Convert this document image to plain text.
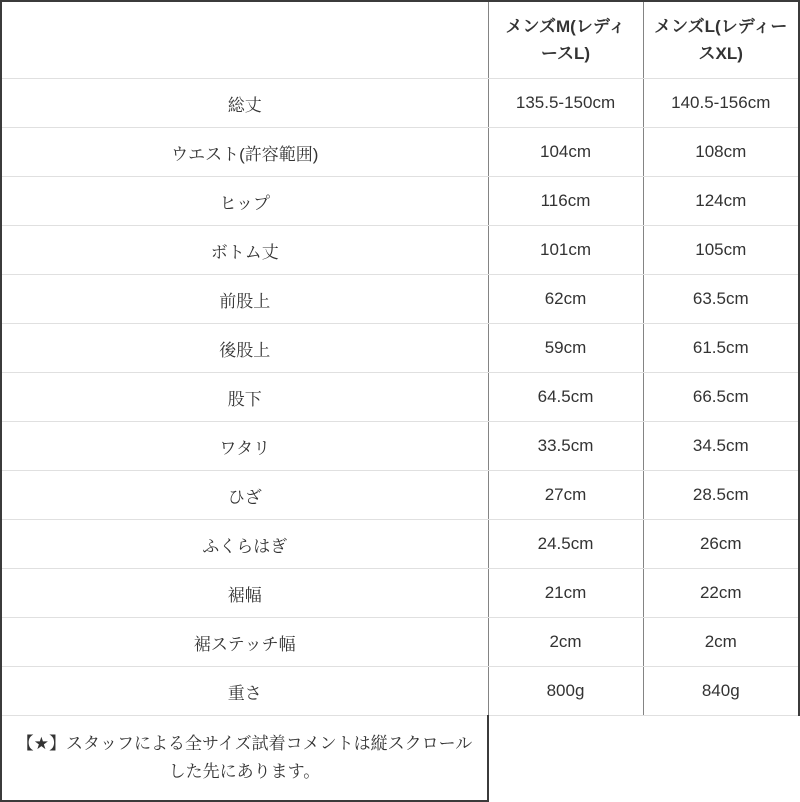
	メンズM(レディースL)	メンズL(レディースXL)
総丈	135.5-150cm	140.5-156cm
ウエスト(許容範囲)	104cm	108cm
ヒップ	116cm	124cm
ボトム丈	101cm	105cm
前股上	62cm	63.5cm
後股上	59cm	61.5cm
股下	64.5cm	66.5cm
ワタリ	33.5cm	34.5cm
ひざ	27cm	28.5cm
ふくらはぎ	24.5cm	26cm
裾幅	21cm	22cm
裾ステッチ幅	2cm	2cm
重さ	800g	840g
【★】スタッフによる全サイズ試着コメントは縦スクロールした先にあります。		
